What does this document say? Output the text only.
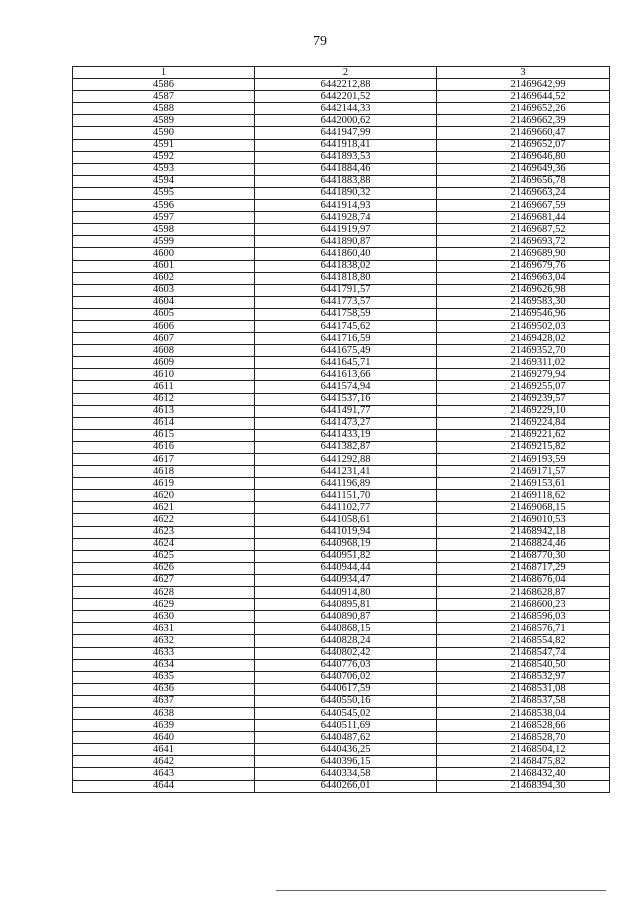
79
1	2	3
4586	6442212,88	21469642,99
4587	6442201,52	21469644,52
4588	6442144,33	21469652,26
4589	6442000,62	21469662,39
4590	6441947,99	21469660,47
4591	6441918,41	21469652,07
4592	6441893,53	21469646,80
4593	6441884,46	21469649,36
4594	6441883,88	21469656,78
4595	6441890,32	21469663,24
4596	6441914,93	21469667,59
4597	6441928,74	21469681,44
4598	6441919,97	21469687,52
4599	6441890,87	21469693,72
4600	6441860,40	21469689,90
4601	6441838,02	21469679,76
4602	6441818,80	21469663,04
4603	6441791,57	21469626,98
4604	6441773,57	21469583,30
4605	6441758,59	21469546,96
4606	6441745,62	21469502,03
4607	6441716,59	21469428,02
4608	6441675,49	21469352,70
4609	6441645,71	21469311,02
4610	6441613,66	21469279,94
4611	6441574,94	21469255,07
4612	6441537,16	21469239,57
4613	6441491,77	21469229,10
4614	6441473,27	21469224,84
4615	6441433,19	21469221,62
4616	6441382,87	21469215,82
4617	6441292,88	21469193,59
4618	6441231,41	21469171,57
4619	6441196,89	21469153,61
4620	6441151,70	21469118,62
4621	6441102,77	21469068,15
4622	6441058,61	21469010,53
4623	6441019,94	21468942,18
4624	6440968,19	21468824,46
4625	6440951,82	21468770,30
4626	6440944,44	21468717,29
4627	6440934,47	21468676,04
4628	6440914,80	21468628,87
4629	6440895,81	21468600,23
4630	6440890,87	21468596,03
4631	6440868,15	21468576,71
4632	6440828,24	21468554,82
4633	6440802,42	21468547,74
4634	6440776,03	21468540,50
4635	6440706,02	21468532,97
4636	6440617,59	21468531,08
4637	6440550,16	21468537,58
4638	6440545,02	21468538,04
4639	6440511,69	21468528,66
4640	6440487,62	21468528,70
4641	6440436,25	21468504,12
4642	6440396,15	21468475,82
4643	6440334,58	21468432,40
4644	6440266,01	21468394,30
